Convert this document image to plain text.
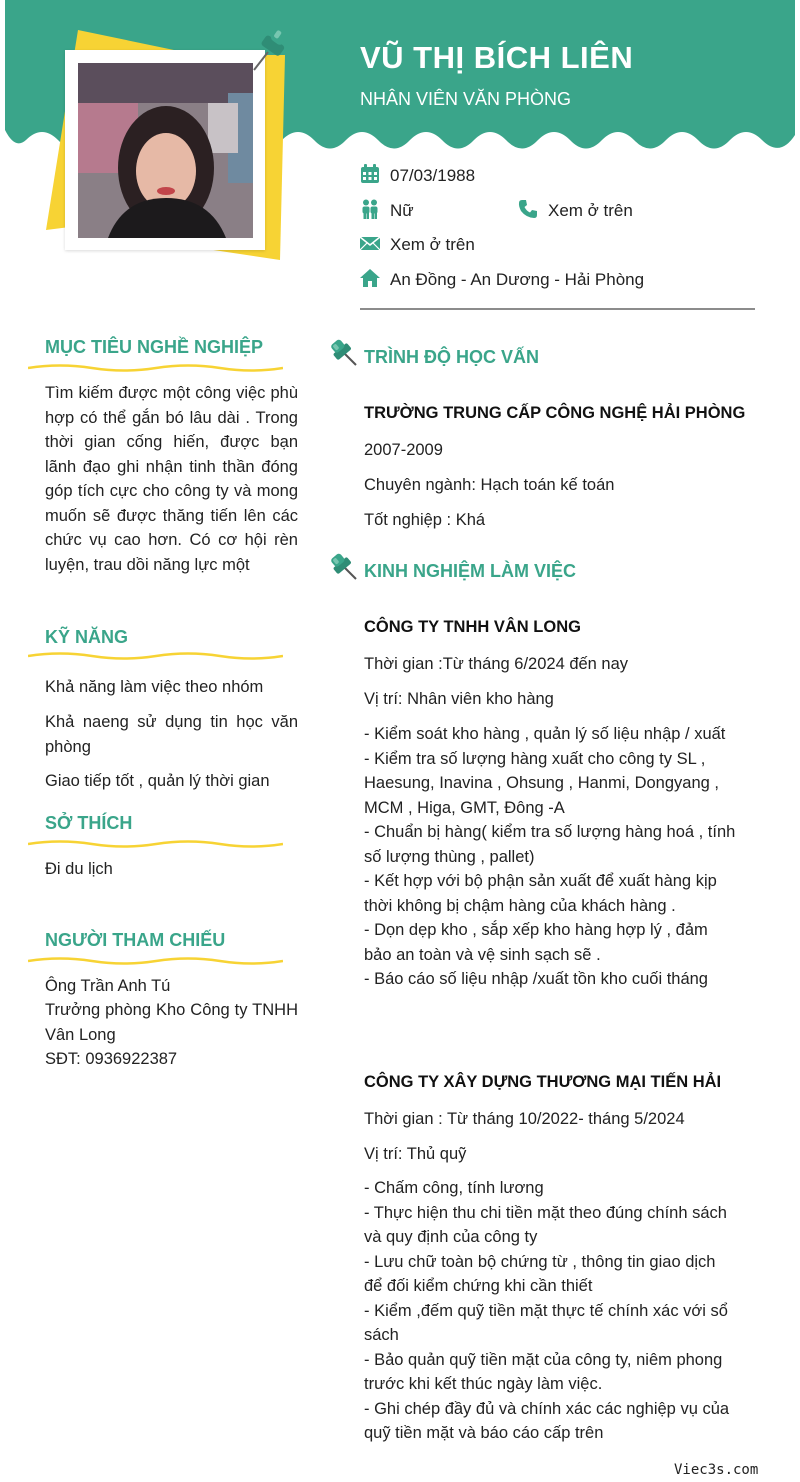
VŨ THỊ BÍCH LIÊN
NHÂN VIÊN VĂN PHÒNG
07/03/1988
Nữ	Xem ở trên
Xem ở trên
An Đồng - An Dương - Hải Phòng
MỤC TIÊU NGHỀ NGHIỆP
Tìm kiếm được một công việc phù hợp có thể gắn bó lâu dài . Trong thời gian cống hiến, được bạn lãnh đạo ghi nhận tinh thần đóng góp tích cực cho công ty và mong muốn sẽ được thăng tiến lên các chức vụ cao hơn. Có cơ hội rèn luyện, trau dồi năng lực một
KỸ NĂNG
Khả năng làm việc theo nhóm
Khả naeng sử dụng tin học văn phòng
Giao tiếp tốt , quản lý thời gian
SỞ THÍCH
Đi du lịch
NGƯỜI THAM CHIẾU
Ông Trần Anh Tú
Trưởng phòng Kho Công ty TNHH Vân Long
SĐT: 0936922387
TRÌNH ĐỘ HỌC VẤN
TRƯỜNG TRUNG CẤP CÔNG NGHỆ HẢI PHÒNG
2007-2009
Chuyên ngành: Hạch toán kế toán
Tốt nghiệp : Khá
KINH NGHIỆM LÀM VIỆC
CÔNG TY TNHH VÂN LONG
Thời gian :Từ tháng 6/2024 đến nay
Vị trí: Nhân viên kho hàng
- Kiểm soát kho hàng , quản lý số liệu nhập / xuất
- Kiểm tra số lượng hàng xuất cho công ty SL , Haesung, Inavina , Ohsung , Hanmi, Dongyang , MCM , Higa, GMT, Đông -A
- Chuẩn bị hàng( kiểm tra số lượng hàng hoá , tính số lượng thùng , pallet)
- Kết hợp với bộ phận sản xuất để xuất hàng kịp thời không bị chậm hàng của khách hàng .
- Dọn dẹp kho , sắp xếp kho hàng hợp lý , đảm bảo an toàn và vệ sinh sạch sẽ .
- Báo cáo số liệu nhập /xuất tồn kho cuối tháng
CÔNG TY XÂY DỰNG THƯƠNG MẠI TIẾN HẢI
Thời gian : Từ tháng 10/2022- tháng 5/2024
Vị trí: Thủ quỹ
- Chấm công, tính lương
- Thực hiện thu chi tiền mặt theo đúng chính sách và quy định của công ty
- Lưu chữ toàn bộ chứng từ , thông tin giao dịch để đối kiểm chứng khi cần thiết
- Kiểm ,đếm quỹ tiền mặt thực tế chính xác với sổ sách
- Bảo quản quỹ tiền mặt của công ty, niêm phong trước khi kết thúc ngày làm việc.
- Ghi chép đầy đủ và chính xác các nghiệp vụ của quỹ tiền mặt và báo cáo cấp trên
Viec3s.com
